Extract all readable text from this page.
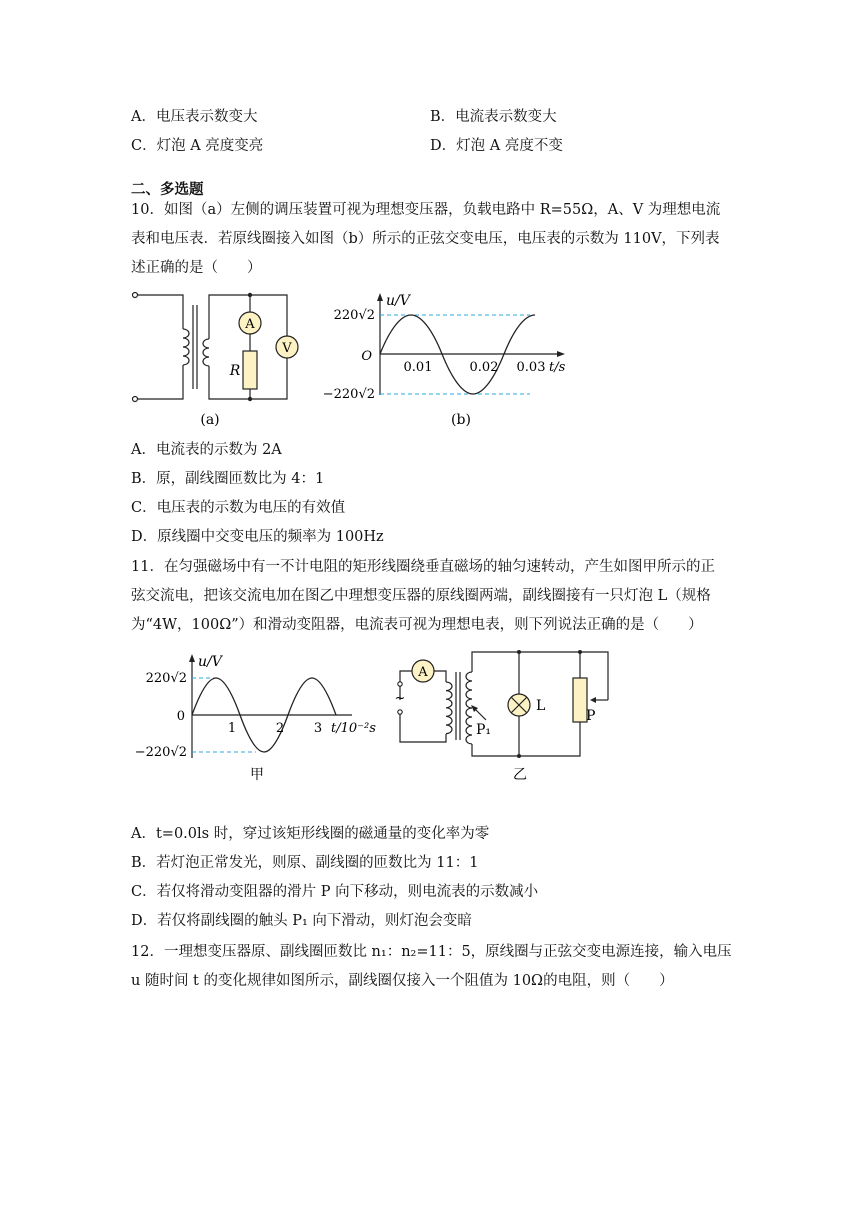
A．电压表示数变大	B．电流表示数变大
C．灯泡 A 亮度变亮	D．灯泡 A 亮度不变
二、多选题
10．如图（a）左侧的调压装置可视为理想变压器，负载电路中 R=55Ω，A、V 为理想电流
表和电压表．若原线圈接入如图（b）所示的正弦交变电压，电压表的示数为 110V，下列表
述正确的是（　　）
A
V
R
(a)
u/V
220√2
−220√2
O
0.01	0.02 0.03 t/s
(b)
A．电流表的示数为 2A
B．原，副线圈匝数比为 4：1
C．电压表的示数为电压的有效值
D．原线圈中交变电压的频率为 100Hz
11．在匀强磁场中有一不计电阻的矩形线圈绕垂直磁场的轴匀速转动，产生如图甲所示的正
弦交流电，把该交流电加在图乙中理想变压器的原线圈两端，副线圈接有一只灯泡 L（规格
为“4W，100Ω”）和滑动变阻器，电流表可视为理想电表，则下列说法正确的是（　　）
u/V
220√2
−220√2
0
1	2 3 t/10⁻²s
甲
A
~	L
P
P₁
乙
A．t=0.0ls 时，穿过该矩形线圈的磁通量的变化率为零
B．若灯泡正常发光，则原、副线圈的匝数比为 11：1
C．若仅将滑动变阻器的滑片 P 向下移动，则电流表的示数减小
D．若仅将副线圈的触头 P₁ 向下滑动，则灯泡会变暗
12．一理想变压器原、副线圈匝数比 n₁：n₂=11：5，原线圈与正弦交变电源连接，输入电压
u 随时间 t 的变化规律如图所示，副线圈仅接入一个阻值为 10Ω的电阻，则（　　）
